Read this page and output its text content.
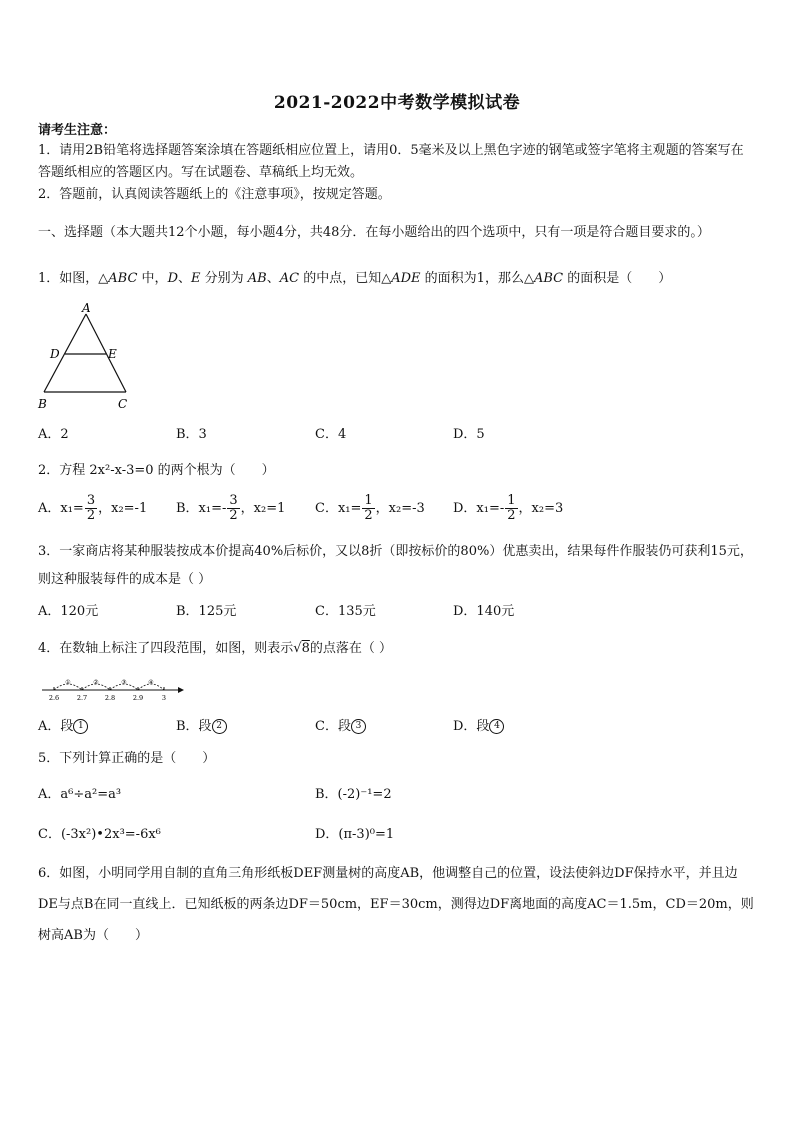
2021-2022中考数学模拟试卷
请考生注意：
1．请用2B铅笔将选择题答案涂填在答题纸相应位置上，请用0．5毫米及以上黑色字迹的钢笔或签字笔将主观题的答案写在答题纸相应的答题区内。写在试题卷、草稿纸上均无效。
2．答题前，认真阅读答题纸上的《注意事项》，按规定答题。
一、选择题（本大题共12个小题，每小题4分，共48分．在每小题给出的四个选项中，只有一项是符合题目要求的。）
1．如图，△ABC 中，D、E 分别为 AB、AC 的中点，已知△ADE 的面积为1，那么△ABC 的面积是（　　）
A
D	E
B	C
A．2	B．3	C．4	D．5
2．方程 2x²-x-3=0 的两个根为（　　）
A．$x_1= \frac{3}{2}$ ，x₂=-1 B．$x_1=- \frac{3}{2}$ ，x₂=1 C．$x_1= \frac{1}{2}$ ，x₂=-3 D．$x_1=- \frac{1}{2}$ ，x₂=3
3．一家商店将某种服装按成本价提高40%后标价，又以8折（即按标价的80%）优惠卖出，结果每件作服装仍可获利15元，则这种服装每件的成本是（ ）
A．120元	B．125元	C．135元	D．140元
4．在数轴上标注了四段范围，如图，则表示√8的点落在（ ）
①	②	③	④
2.6	2.7	2.8	2.9	3
A．段 1	B．段 2	C．段 3	D．段 4
5．下列计算正确的是（　　）
A．a⁶÷a²=a³	B．(-2)⁻¹=2
C．(-3x²)•2x³=-6x⁶	D．(π-3)⁰=1
6．如图，小明同学用自制的直角三角形纸板DEF测量树的高度AB，他调整自己的位置，设法使斜边DF保持水平，并且边DE与点B在同一直线上．已知纸板的两条边DF＝50cm，EF＝30cm，测得边DF离地面的高度AC＝1.5m，CD＝20m，则树高AB为（　　）
